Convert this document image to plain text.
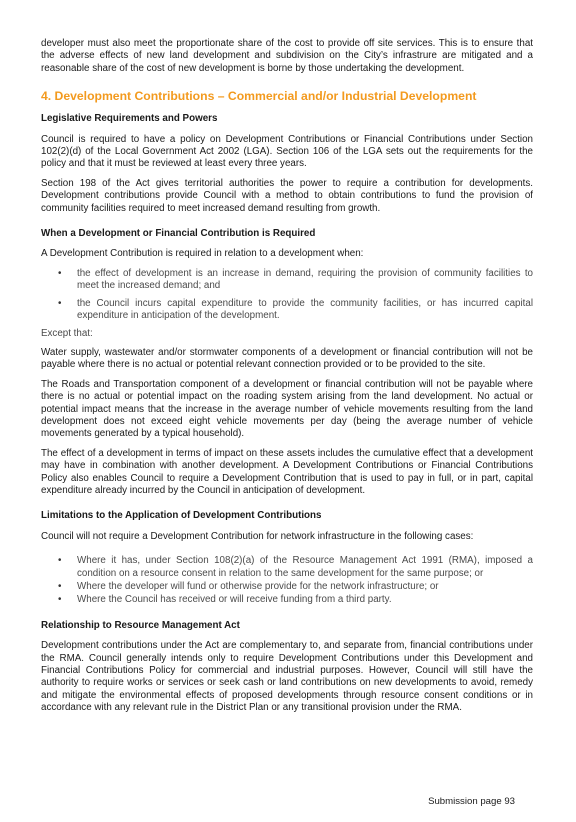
developer must also meet the proportionate share of the cost to provide off site services. This is to ensure that the adverse effects of new land development and subdivision on the City’s infrastrure are mitigated and a reasonable share of the cost of new development is borne by those undertaking the development.

4. Development Contributions – Commercial and/or Industrial Development
Legislative Requirements and Powers

Council is required to have a policy on Development Contributions or Financial Contributions under Section 102(2)(d) of the Local Government Act 2002 (LGA). Section 106 of the LGA sets out the requirements for the policy and that it must be reviewed at least every three years.

Section 198 of the Act gives territorial authorities the power to require a contribution for developments. Development contributions provide Council with a method to obtain contributions to fund the provision of community facilities required to meet increased demand resulting from growth.

When a Development or Financial Contribution is Required

A Development Contribution is required in relation to a development when:

• the effect of development is an increase in demand, requiring the provision of community facilities to meet the increased demand; and
• the Council incurs capital expenditure to provide the community facilities, or has incurred capital expenditure in anticipation of the development.

Except that:

Water supply, wastewater and/or stormwater components of a development or financial contribution will not be payable where there is no actual or potential relevant connection provided or to be provided to the site.

The Roads and Transportation component of a development or financial contribution will not be payable where there is no actual or potential impact on the roading system arising from the land development. No actual or potential impact means that the increase in the average number of vehicle movements resulting from the land development does not exceed eight vehicle movements per day (being the average number of vehicle movements generated by a typical household).

The effect of a development in terms of impact on these assets includes the cumulative effect that a development may have in combination with another development. A Development Contributions or Financial Contributions Policy also enables Council to require a Development Contribution that is used to pay in full, or in part, capital expenditure already incurred by the Council in anticipation of development.

Limitations to the Application of Development Contributions

Council will not require a Development Contribution for network infrastructure in the following cases:

• Where it has, under Section 108(2)(a) of the Resource Management Act 1991 (RMA), imposed a condition on a resource consent in relation to the same development for the same purpose; or
• Where the developer will fund or otherwise provide for the network infrastructure; or
• Where the Council has received or will receive funding from a third party.
Relationship to Resource Management Act

Development contributions under the Act are complementary to, and separate from, financial contributions under the RMA. Council generally intends only to require Development Contributions under this Development and Financial Contributions Policy for commercial and industrial purposes. However, Council will still have the authority to require works or services or seek cash or land contributions on new developments to avoid, remedy and mitigate the environmental effects of proposed developments through resource consent conditions or in accordance with any relevant rule in the District Plan or any transitional provision under the RMA.

Submission page 93
